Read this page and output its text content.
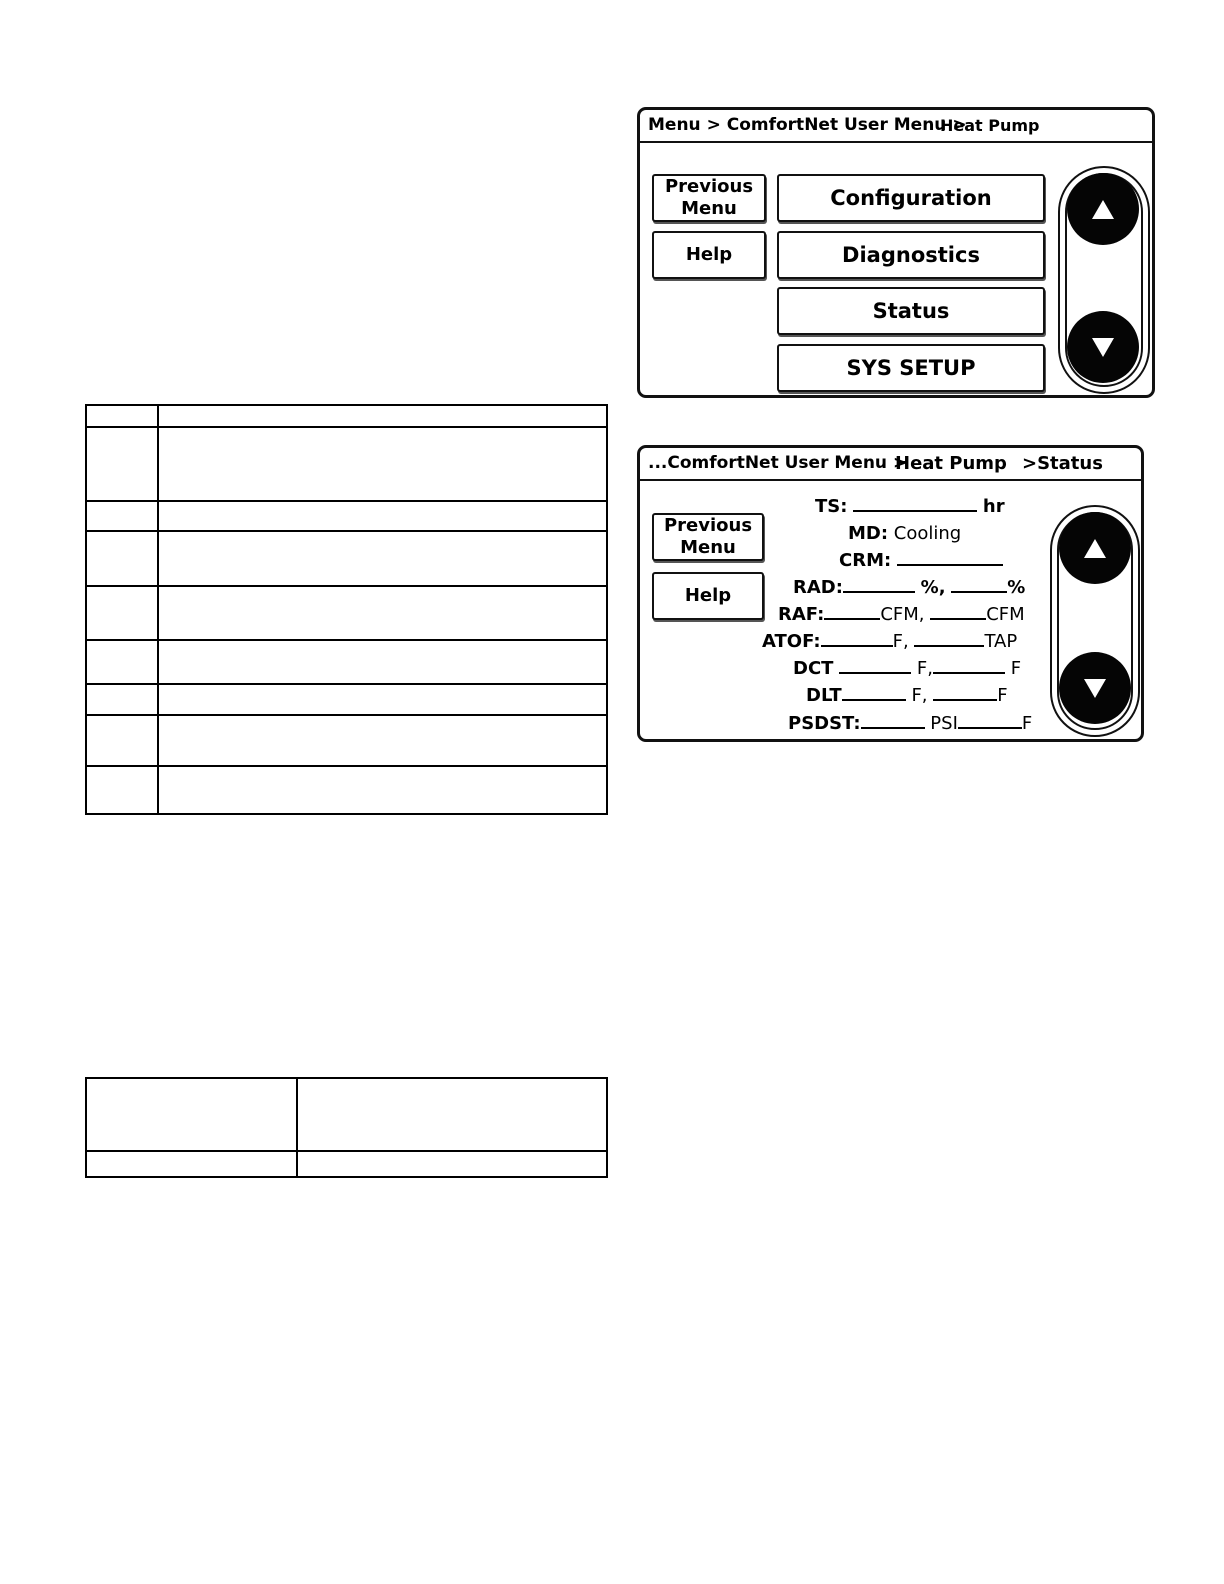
Menu > ComfortNet User Menu >
Heat Pump
Previous Menu
Help
Configuration
Diagnostics
Status
SYS SETUP
...ComfortNet User Menu >
Heat Pump >Status
Previous Menu
Help
TS:	hr
MD: Cooling
CRM:
RAD:	%,	%
RAF:	CFM,	CFM
ATOF:	F,	TAP
DCT	F,	F
DLT	F,	F
PSDST:	PSI	F
